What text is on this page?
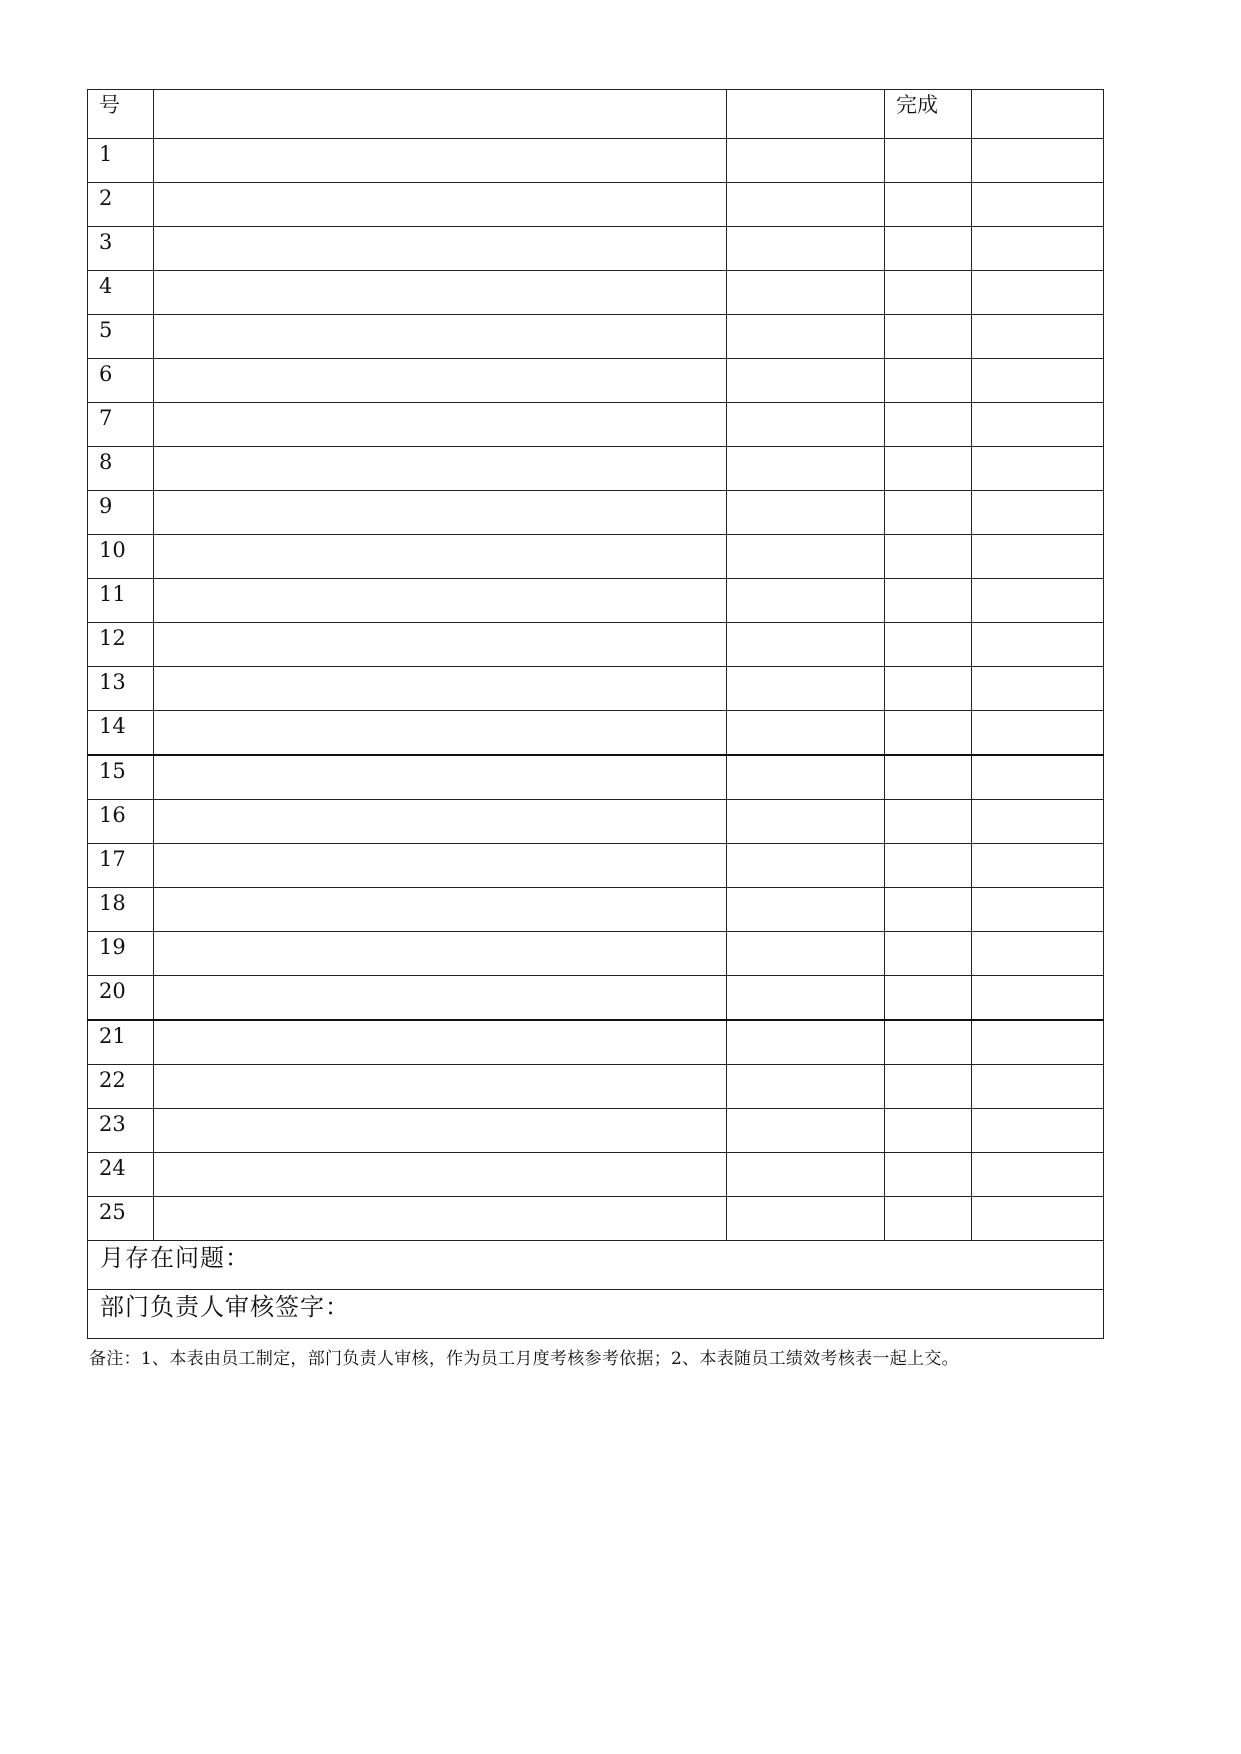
号			完成	

1				

2				

3				

4				

5				

6				

7				

8				

9				

10				

11				

12				

13				

14				

15				

16				

17				

18				

19				

20				

21				

22				

23				

24				

25				

月存在问题：				

部门负责人审核签字：				
备注：1、本表由员工制定，部门负责人审核，作为员工月度考核参考依据；2、本表随员工绩效考核表一起上交。
